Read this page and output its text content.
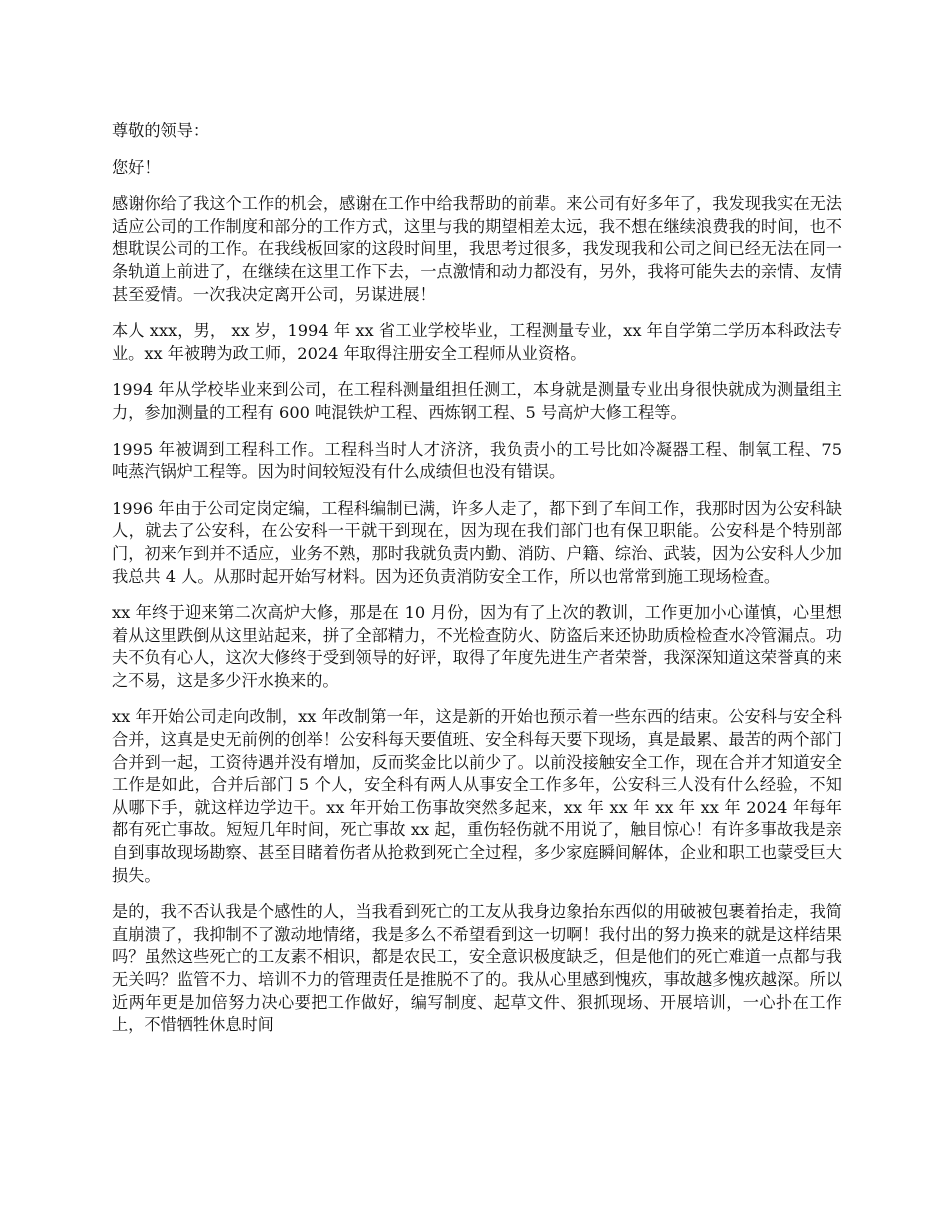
尊敬的领导：

您好！

感谢你给了我这个工作的机会，感谢在工作中给我帮助的前辈。来公司有好多年了，我发现我实在无法适应公司的工作制度和部分的工作方式，这里与我的期望相差太远，我不想在继续浪费我的时间，也不想耽误公司的工作。在我线板回家的这段时间里，我思考过很多，我发现我和公司之间已经无法在同一条轨道上前进了，在继续在这里工作下去，一点激情和动力都没有，另外，我将可能失去的亲情、友情甚至爱情。一次我决定离开公司，另谋进展！

本人 xxx，男， xx 岁，1994 年 xx 省工业学校毕业，工程测量专业，xx 年自学第二学历本科政法专业。xx 年被聘为政工师，2024 年取得注册安全工程师从业资格。

1994 年从学校毕业来到公司，在工程科测量组担任测工，本身就是测量专业出身很快就成为测量组主力，参加测量的工程有 600 吨混铁炉工程、西炼钢工程、5 号高炉大修工程等。

1995 年被调到工程科工作。工程科当时人才济济，我负责小的工号比如冷凝器工程、制氧工程、75 吨蒸汽锅炉工程等。因为时间较短没有什么成绩但也没有错误。

1996 年由于公司定岗定编，工程科编制已满，许多人走了，都下到了车间工作，我那时因为公安科缺人，就去了公安科，在公安科一干就干到现在，因为现在我们部门也有保卫职能。公安科是个特别部门，初来乍到并不适应，业务不熟，那时我就负责内勤、消防、户籍、综治、武装，因为公安科人少加我总共 4 人。从那时起开始写材料。因为还负责消防安全工作，所以也常常到施工现场检查。

xx 年终于迎来第二次高炉大修，那是在 10 月份，因为有了上次的教训，工作更加小心谨慎，心里想着从这里跌倒从这里站起来，拼了全部精力，不光检查防火、防盗后来还协助质检检查水冷管漏点。功夫不负有心人，这次大修终于受到领导的好评，取得了年度先进生产者荣誉，我深深知道这荣誉真的来之不易，这是多少汗水换来的。

xx 年开始公司走向改制，xx 年改制第一年，这是新的开始也预示着一些东西的结束。公安科与安全科合并，这真是史无前例的创举！公安科每天要值班、安全科每天要下现场，真是最累、最苦的两个部门合并到一起，工资待遇并没有增加，反而奖金比以前少了。以前没接触安全工作，现在合并才知道安全工作是如此，合并后部门 5 个人，安全科有两人从事安全工作多年，公安科三人没有什么经验，不知从哪下手，就这样边学边干。xx 年开始工伤事故突然多起来，xx 年 xx 年 xx 年 xx 年 2024 年每年都有死亡事故。短短几年时间，死亡事故 xx 起，重伤轻伤就不用说了，触目惊心！有许多事故我是亲自到事故现场勘察、甚至目睹着伤者从抢救到死亡全过程，多少家庭瞬间解体，企业和职工也蒙受巨大损失。

是的，我不否认我是个感性的人，当我看到死亡的工友从我身边象抬东西似的用破被包裹着抬走，我简直崩溃了，我抑制不了激动地情绪，我是多么不希望看到这一切啊！我付出的努力换来的就是这样结果吗？虽然这些死亡的工友素不相识，都是农民工，安全意识极度缺乏，但是他们的死亡难道一点都与我无关吗？监管不力、培训不力的管理责任是推脱不了的。我从心里感到愧疚，事故越多愧疚越深。所以近两年更是加倍努力决心要把工作做好，编写制度、起草文件、狠抓现场、开展培训，一心扑在工作上，不惜牺牲休息时间
